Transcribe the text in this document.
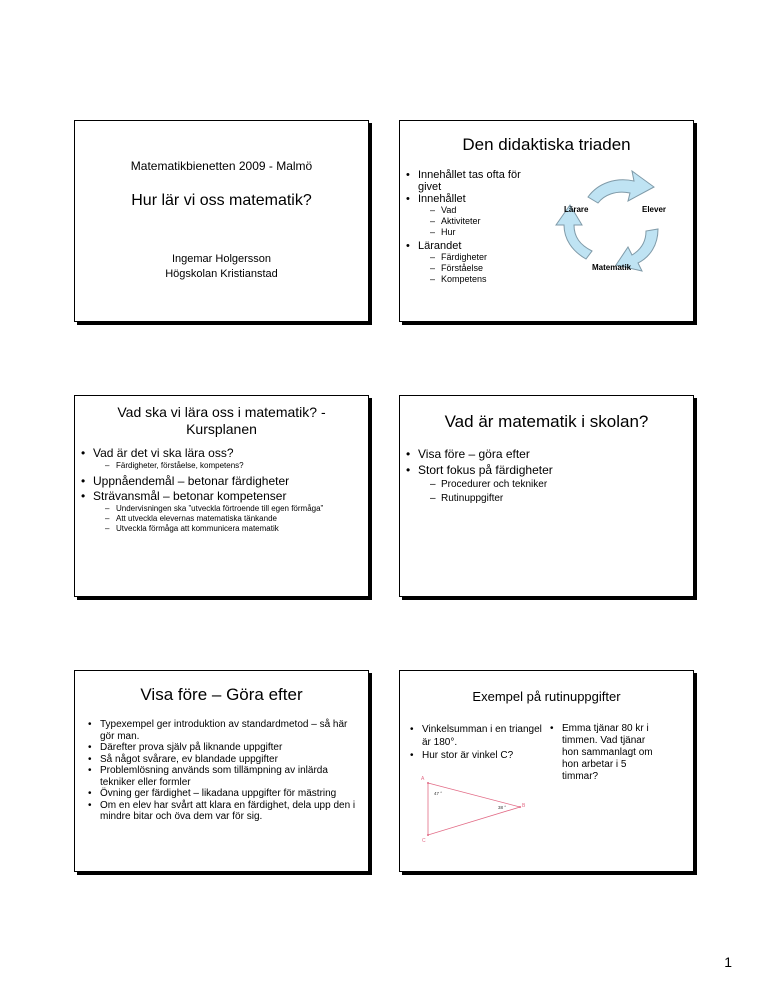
Matematikbienetten 2009 - Malmö
Hur lär vi oss matematik?
Ingemar Holgersson
Högskolan Kristianstad
Den didaktiska triaden
• Innehållet tas ofta för givet
• Innehållet
– Vad
– Aktiviteter
– Hur
• Lärandet
– Färdigheter
– Förståelse
– Kompetens
Lärare	Elever
Matematik
Vad ska vi lära oss i matematik? - Kursplanen
• Vad är det vi ska lära oss?
– Färdigheter, förståelse, kompetens?
• Uppnåendemål – betonar färdigheter
• Strävansmål – betonar kompetenser
– Undervisningen ska ”utveckla förtroende till egen förmåga”
– Att utveckla elevernas matematiska tänkande
– Utveckla förmåga att kommunicera matematik
Vad är matematik i skolan?
• Visa före – göra efter
• Stort fokus på färdigheter
– Procedurer och tekniker
– Rutinuppgifter
Visa före – Göra efter
• Typexempel ger introduktion av standardmetod – så här gör man.
• Därefter prova själv på liknande uppgifter
• Så något svårare, ev blandade uppgifter
• Problemlösning används som tillämpning av inlärda tekniker eller formler
• Övning ger färdighet – likadana uppgifter för mästring
• Om en elev har svårt att klara en färdighet, dela upp den i mindre bitar och öva dem var för sig.
Exempel på rutinuppgifter
• Vinkelsumman i en triangel är 180°.
• Hur stor är vinkel C?
• Emma tjänar 80 kr i timmen. Vad tjänar hon sammanlagt om hon arbetar i 5 timmar?
A
B
C
47 °
38 °
1
